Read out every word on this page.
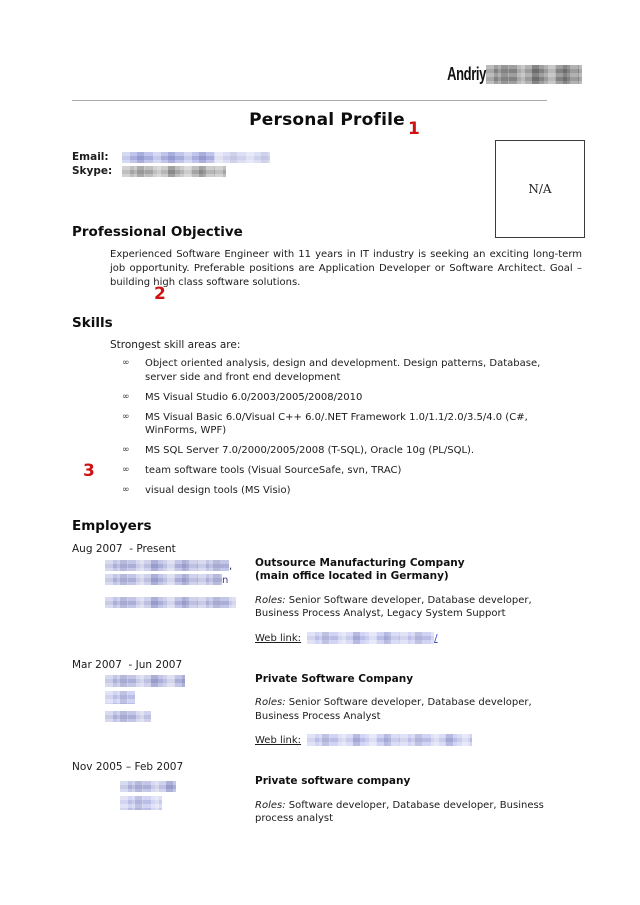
Andriy
Personal Profile 1
2
3
Email:
Skype:
N/A
Professional Objective

Experienced Software Engineer with 11 years in IT industry is seeking an exciting long-term job opportunity. Preferable positions are Application Developer or Software Architect. Goal – building high class software solutions.

Skills
Strongest skill areas are:
∞ Object oriented analysis, design and development. Design patterns, Database, server side and front end development
∞ MS Visual Studio 6.0/2003/2005/2008/2010
∞ MS Visual Basic 6.0/Visual C++ 6.0/.NET Framework 1.0/1.1/2.0/3.5/4.0 (C#, WinForms, WPF)
∞ MS SQL Server 7.0/2000/2005/2008 (T-SQL), Oracle 10g (PL/SQL).
∞ team software tools (Visual SourceSafe, svn, TRAC)
∞ visual design tools (MS Visio)
Employers
Aug 2007  - Present
,
n
Outsource Manufacturing Company
(main office located in Germany)
Roles: Senior Software developer, Database developer, Business Process Analyst, Legacy System Support
Web link:	/
Mar 2007  - Jun 2007
Private Software Company
Roles: Senior Software developer, Database developer, Business Process Analyst
Web link:
Nov 2005 – Feb 2007
Private software company
Roles: Software developer, Database developer, Business process analyst
